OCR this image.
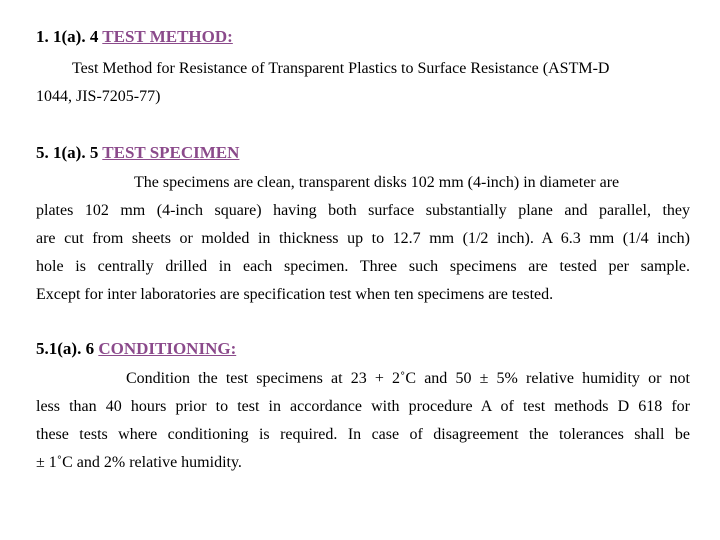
1. 1(a). 4 TEST METHOD:
Test Method for Resistance of Transparent Plastics to Surface Resistance (ASTM-D
1044, JIS-7205-77)
5. 1(a). 5 TEST SPECIMEN
The specimens are clean, transparent disks 102 mm (4-inch) in diameter are
plates 102 mm (4-inch square) having both surface substantially plane and parallel, they
are cut from sheets or molded in thickness up to 12.7 mm (1/2 inch). A 6.3 mm (1/4 inch)
hole is centrally drilled in each specimen. Three such specimens are tested per sample.
Except for inter laboratories are specification test when ten specimens are tested.
5.1(a). 6 CONDITIONING:
Condition the test specimens at 23 + 2˚C and 50 ± 5% relative humidity or not
less than 40 hours prior to test in accordance with procedure A of test methods D 618 for
these tests where conditioning is required. In case of disagreement the tolerances shall be
± 1˚C and 2% relative humidity.
